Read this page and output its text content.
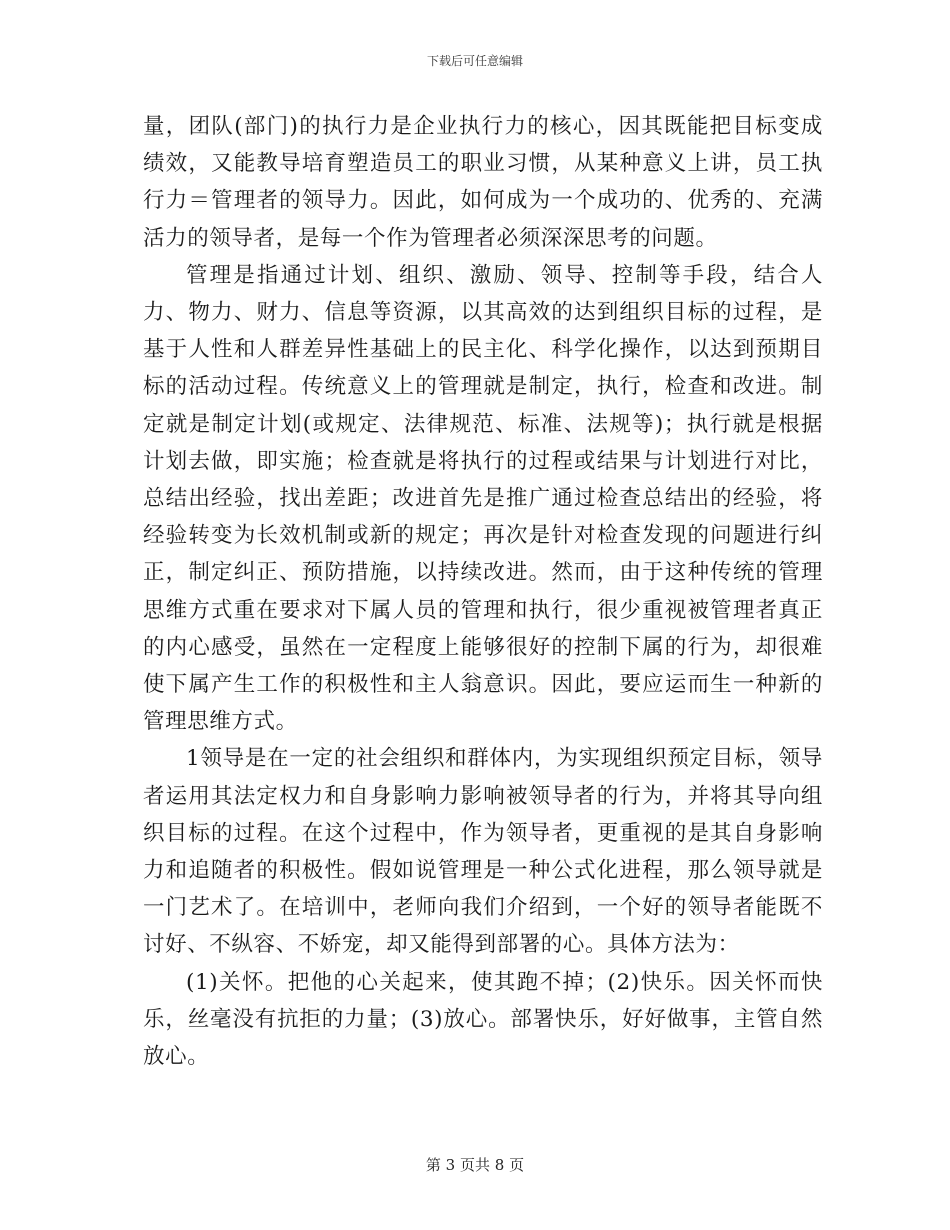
下载后可任意编辑

量，团队(部门)的执行力是企业执行力的核心，因其既能把目标变成绩效，又能教导培育塑造员工的职业习惯，从某种意义上讲，员工执行力＝管理者的领导力。因此，如何成为一个成功的、优秀的、充满活力的领导者，是每一个作为管理者必须深深思考的问题。

管理是指通过计划、组织、激励、领导、控制等手段，结合人力、物力、财力、信息等资源，以其高效的达到组织目标的过程，是基于人性和人群差异性基础上的民主化、科学化操作，以达到预期目标的活动过程。传统意义上的管理就是制定，执行，检查和改进。制定就是制定计划(或规定、法律规范、标准、法规等)；执行就是根据计划去做，即实施；检查就是将执行的过程或结果与计划进行对比，总结出经验，找出差距；改进首先是推广通过检查总结出的经验，将经验转变为长效机制或新的规定；再次是针对检查发现的问题进行纠正，制定纠正、预防措施，以持续改进。然而，由于这种传统的管理思维方式重在要求对下属人员的管理和执行，很少重视被管理者真正的内心感受，虽然在一定程度上能够很好的控制下属的行为，却很难使下属产生工作的积极性和主人翁意识。因此，要应运而生一种新的管理思维方式。

1领导是在一定的社会组织和群体内，为实现组织预定目标，领导者运用其法定权力和自身影响力影响被领导者的行为，并将其导向组织目标的过程。在这个过程中，作为领导者，更重视的是其自身影响力和追随者的积极性。假如说管理是一种公式化进程，那么领导就是一门艺术了。在培训中，老师向我们介绍到，一个好的领导者能既不讨好、不纵容、不娇宠，却又能得到部署的心。具体方法为：

(1)关怀。把他的心关起来，使其跑不掉；(2)快乐。因关怀而快乐，丝毫没有抗拒的力量；(3)放心。部署快乐，好好做事，主管自然放心。

第 3 页共 8 页
